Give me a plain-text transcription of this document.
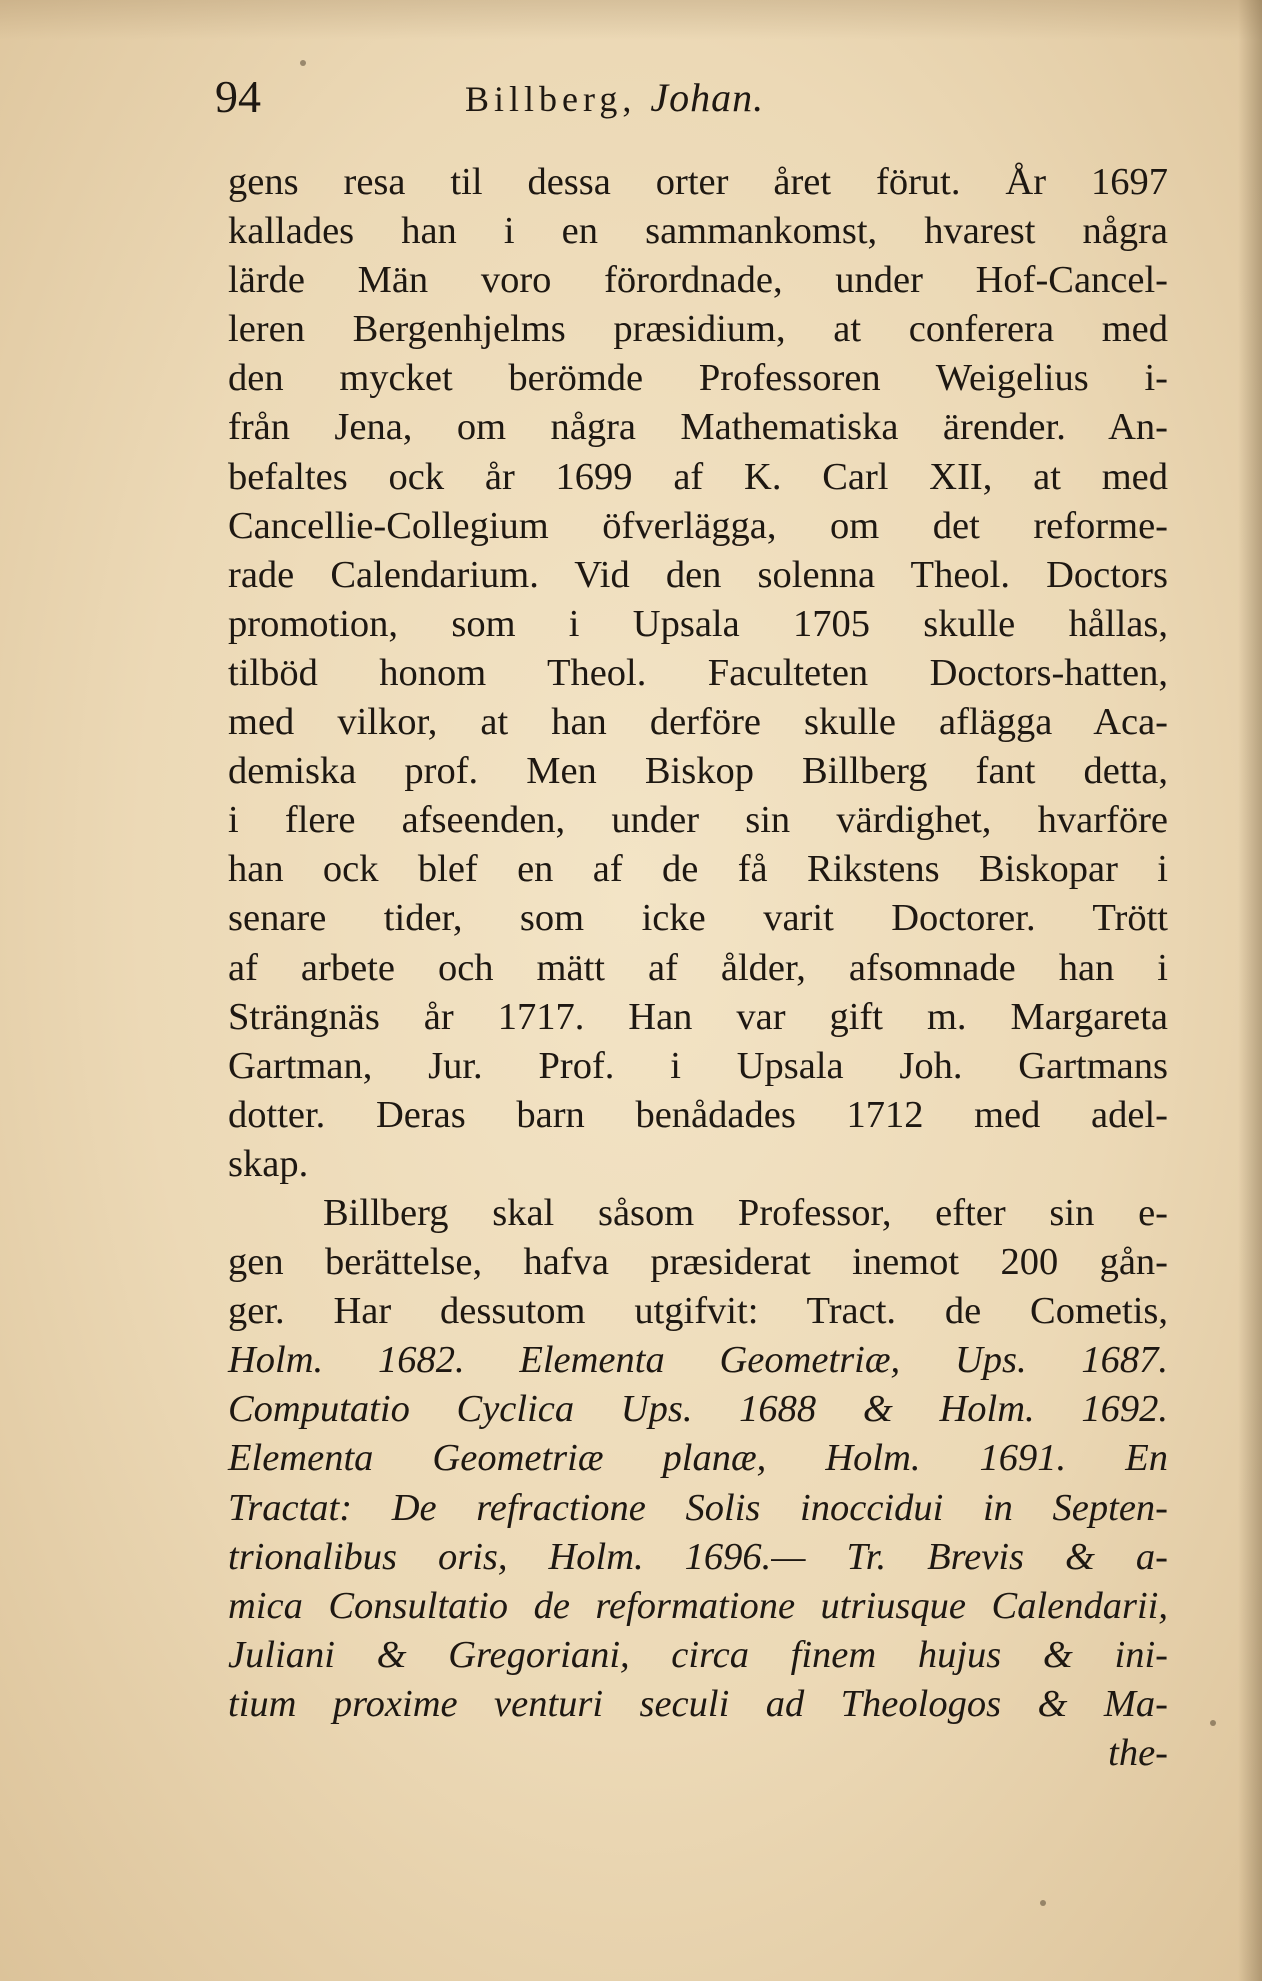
94	Billberg, Johan.
gens resa til dessa orter året förut. År 1697
kallades han i en sammankomst, hvarest några
lärde Män voro förordnade, under Hof-Cancel-
leren Bergenhjelms præsidium, at conferera med
den mycket berömde Professoren Weigelius i-
från Jena, om några Mathematiska ärender. An-
befaltes ock år 1699 af K. Carl XII, at med
Cancellie-Collegium öfverlägga, om det reforme-
rade Calendarium. Vid den solenna Theol. Doctors
promotion, som i Upsala 1705 skulle hållas,
tilböd honom Theol. Faculteten Doctors-hatten,
med vilkor, at han derföre skulle aflägga Aca-
demiska prof. Men Biskop Billberg fant detta,
i flere afseenden, under sin värdighet, hvarföre
han ock blef en af de få Rikstens Biskopar i
senare tider, som icke varit Doctorer. Trött
af arbete och mätt af ålder, afsomnade han i
Strängnäs år 1717. Han var gift m. Margareta
Gartman, Jur. Prof. i Upsala Joh. Gartmans
dotter. Deras barn benådades 1712 med adel-
skap.
Billberg skal såsom Professor, efter sin e-
gen berättelse, hafva præsiderat inemot 200 gån-
ger. Har dessutom utgifvit: Tract. de Cometis,
Holm. 1682. Elementa Geometriæ, Ups. 1687.
Computatio Cyclica Ups. 1688 & Holm. 1692.
Elementa Geometriæ planæ, Holm. 1691. En
Tractat: De refractione Solis inoccidui in Septen-
trionalibus oris, Holm. 1696.— Tr. Brevis & a-
mica Consultatio de reformatione utriusque Calendarii,
Juliani & Gregoriani, circa finem hujus & ini-
tium proxime venturi seculi ad Theologos & Ma-
the-
